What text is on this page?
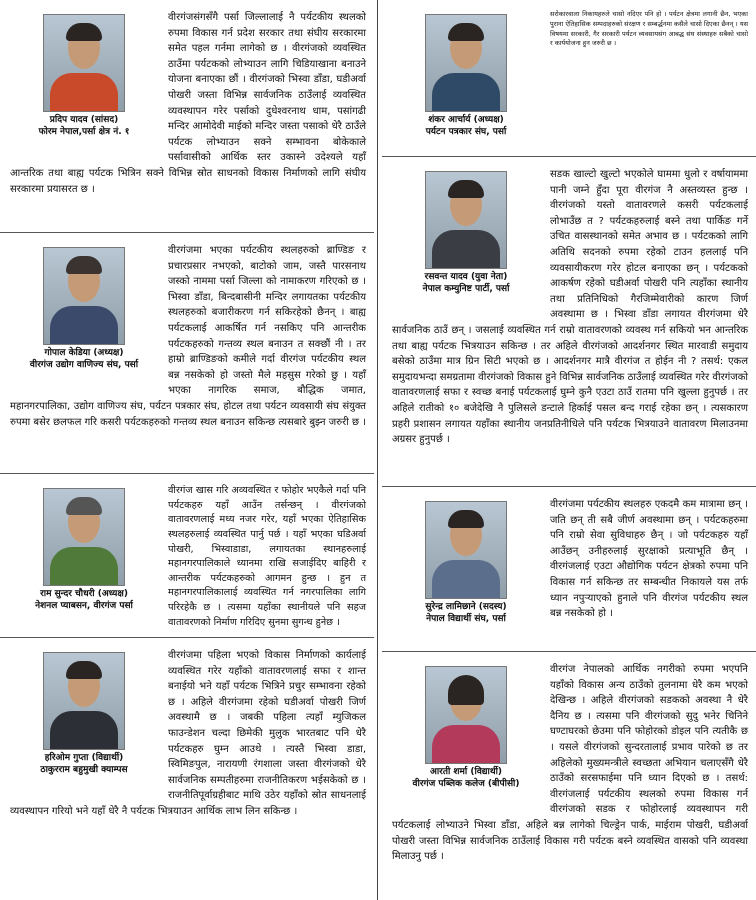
प्रदिप यादव (सांसद)
फोरम नेपाल,पर्सा क्षेत्र नं. १

वीरगंजसंगसँगै पर्सा जिल्लालाई नै पर्यटकीय स्थलको रुपमा विकास गर्न प्रदेश सरकार तथा संघीय सरकारमा समेत पहल गर्नमा लागेको छ । वीरगंजको व्यवस्थित ठाउँमा पर्यटकको लोभ्याउन लागि चिडियाखाना बनाउने योजना बनाएका छौं । वीरगंजको भिस्वा डाँडा, घडीअर्वा पोखरी जस्ता विभिन्न सार्वजनिक ठाउँलाई व्यवस्थित व्यवस्थापन गरेर पर्साको दुधेश्वरनाथ धाम, पसांगढी मन्दिर आमोदेवी माईको मन्दिर जस्ता पसाको धेरै ठाउँले पर्यटक लोभ्याउन सक्ने सम्भावना बोकेकाले पर्सावासीको आर्थिक स्तर उकास्ने उदेश्यले यहाँ आन्तरिक तथा बाह्य पर्यटक भित्रिन सक्ने विभिन्न स्रोत साधनको विकास निर्माणको लागि संघीय सरकारमा प्रयासरत छ ।

गोपाल केडिया (अध्यक्ष)
वीरगंज उद्योग वाणिज्य संघ, पर्सा

वीरगंजमा भएका पर्यटकीय स्थलहरुको ब्राण्डिङ र प्रचारप्रसार नभएको, बाटोको जाम, जस्तै पारसनाथ जस्को नाममा पर्सा जिल्ला को नामाकरण गरिएको छ । भिस्वा डाँडा, बिन्दबासीनी मन्दिर लगायतका पर्यटकीय स्थलहरुको बजारीकरण गर्न सकिरहेको छैनन् । बाह्य पर्यटकलाई आकर्षित गर्न नसकिए पनि आन्तरीक पर्यटकहरुको गन्तव्य स्थल बनाउन त सक्छौं नी । तर हाम्रो ब्राण्डिङको कमीले गर्दा वीरगंज पर्यटकीय स्थल बन्न नसकेको हो जस्तो मैले महसुस गरेको छु । यहाँ भएका नागरिक समाज, बौद्धिक जमात, महानगरपालिका, उद्योग वाणिज्य संघ, पर्यटन पत्रकार संघ, होटल तथा पर्यटन व्यवसायी संघ संयुक्त रुपमा बसेर छलफल गरि कसरी पर्यटकहरुको गन्तव्य स्थल बनाउन सकिन्छ त्यसबारे बुझ्न जरुरी छ ।

राम सुन्दर चौधरी (अध्यक्ष)
नेशनल प्याबसन, वीरगंज पर्सा

वीरगंज खास गरि अव्यवस्थित र फोहोर भएकैले गर्दा पनि पर्यटकहरु यहाँ आउँन तर्सन्छन् । वीरगंजको वातावरणलाई मध्य नजर गरेर, यहाँ भएका ऐतिहासिक स्थलहरुलाई व्यवस्थित पार्नु पर्छ । यहाँ भएका घडिअर्वा पोखरी, भिस्वाडाडा, लगायतका स्थानहरुलाई महानगरपालिकाले ध्यानमा राखि सजाईदिए बाहिरी र आन्तरीक पर्यटकहरुको आगमन हुन्छ । हुन त महानगरपालिकालाई व्यवस्थित गर्न नगरपालिका लागि परिरहेकै छ । त्यसमा यहाँका स्थानीयले पनि सहज वातावरणको निर्माण गरिदिए सुनमा सुगन्ध हुनेछ ।

हरिओम गुप्ता (विद्यार्थी)
ठाकुरराम बहुमुखी क्याम्पस

वीरगंजमा पहिला भएको विकास निर्माणको कार्यलाई व्यवस्थित गरेर यहाँको वातावरणलाई सफा र शान्त बनाईयो भने यहाँ पर्यटक भित्रिने प्रचुर सम्भावना रहेको छ । अहिले वीरगंजमा रहेको घडीअर्वा पोखरी जिर्ण अवस्थामै छ । जबकी पहिला त्यहाँ म्युजिकल फाउन्डेशन चल्दा छिमेकी मुलुक भारतबाट पनि धेरै पर्यटकहरु घुम्न आउथे । त्यस्तै भिस्वा डाडा, स्विमिङपुल, नारायणी रंगशाला जस्ता वीरगंजको धेरै सार्वजनिक सम्पतीहरुमा राजनीतिकरण भईसकेको छ । राजनीतिपूर्वाग्रहीबाट माथि उठेर यहाँको स्रोत साधनलाई व्यवस्थापन गरियो भने यहाँ धेरै नै पर्यटक भित्रयाउन आर्थिक लाभ लिन सकिन्छ ।

शंकर आर्चार्य (अध्यक्ष)
पर्यटन पत्रकार संघ, पर्सा

सरोकारवाला निकायहरुले चासो नदिएर पनि हो । पर्यटन क्षेत्रमा लगानी छैन, भएका पुराना ऐतिहासिक सम्पदाहरुको संरक्षण र सम्बर्द्धनमा कसैले चासो दिएका छैनन् । यस विषयमा सरकारी, गैर सरकारी पर्यटन व्यवसायसंग आबद्ध संघ संस्थाहरु सबैको चासो र कार्ययोजना हुन जरुरी छ ।

रसवन्त यादव (युवा नेता)
नेपाल कम्युनिष्ट पार्टी, पर्सा

सडक खाल्टो खुल्टो भएकोले घाममा धुलो र वर्षायाममा पानी जम्ने हुँदा पूरा वीरगंज नै अस्तव्यस्त हुन्छ । वीरगंजको यस्तो वातावरणले कसरी पर्यटकलाई लोभाउँछ त ? पर्यटकहरुलाई बस्ने तथा पार्किङ गर्ने उचित वासस्थानको समेत अभाव छ । पर्यटकको लागि अतिथि सदनको रुपमा रहेको टाउन हललाई पनि व्यवसायीकरण गरेर होटल बनाएका छन् । पर्यटकको आकर्षण रहेको घडीअर्वा पोखरी पनि त्यहाँका स्थानीय तथा प्रतिनिधिको गैरजिम्मेवारीको कारण जिर्ण अवस्थामा छ । भिस्वा डाँडा लगायत वीरगंजमा धेरै सार्वजनिक ठाउँ छन् । जसलाई व्यवस्थित गर्न राम्रो वातावरणको व्यवस्थ गर्न सकियो भन आन्तरिक तथा बाह्य पर्यटक भित्रयाउन सकिन्छ । तर अहिले वीरगंजको आदर्शनगर स्थित मारवाडी समुदाय बसेको ठाउँमा मात्र ग्रिन सिटी भएको छ । आदर्शनगर मात्रै वीरगंज त होईन नी ? तसर्थ: एकल समुदायभन्दा समग्रतामा वीरगंजको विकास हुने विभिन्न सार्वजनिक ठाउँलाई व्यवस्थित गरेर वीरगंजको वातावरणलाई सफा र स्वच्छ बनाई पर्यटकलाई घुम्ने कुनै एउटा ठाउँ रातमा पनि खुल्ला हुनुपर्छ । तर अहिले रातीको १० बजेदेखि नै पुलिसले डन्टाले हिर्काई पसल बन्द गराई रहेका छन् । त्यसकारण प्रहरी प्रशासन लगायत यहाँका स्थानीय जनप्रतिनीधिले पनि पर्यटक भित्रयाउने वातावरण मिलाउनमा अग्रसर हुनुपर्छ ।

सुरेन्द्र लामिछाने (सदस्य)
नेपाल विद्यार्थी संघ, पर्सा

वीरगंजमा पर्यटकीय स्थलहरु एकदमै कम मात्रामा छन् । जति छन् ती सबै जीर्ण अवस्थामा छन् । पर्यटकहरुमा पनि राम्रो सेवा सुविधाहरु छैन् । जो पर्यटकहरु यहाँ आउँछन् उनीहरुलाई सुरक्षाको प्रत्याभूति छैन् । वीरगंजलाई एउटा औद्योगिक पर्यटन क्षेत्रको रुपमा पनि विकास गर्न सकिन्छ तर सम्बन्धीत निकायले यस तर्फ ध्यान नपुऱ्याएको हुनाले पनि वीरगंज पर्यटकीय स्थल बन्न नसकेको हो ।

आरती शर्मा (विद्यार्थी)
वीरगंज पब्लिक कलेज (बीपीसी)

वीरगंज नेपालको आर्थिक नगरीको रुपमा भएपनि यहाँको विकास अन्य ठाउँको तुलनामा धेरै कम भएको देखिन्छ । अहिले वीरगंजको सडकको अवस्था नै धेरै दैनिय छ । त्यसमा पनि वीरगंजको सुदु भनेर चिनिने घण्टाघरको छेउमा पनि फोहोरको डोइल पनि त्यतीकै छ । यसले वीरगंजको सुन्दरतालाई प्रभाव पारेको छ तर अहिलेको मुख्यमन्त्रीले स्वच्छता अभियान चलाएसँगै धेरै ठाउँको सरसफाईमा पनि ध्यान दिएको छ । तसर्थ: वीरगंजलाई पर्यटकीय स्थलको रुपमा विकास गर्न वीरगंजको सडक र फोहोरलाई व्यवस्थापन गरी पर्यटकलाई लोभ्याउने भिस्वा डाँडा, अहिले बन्न लागेको चिल्ड्रेन पार्क, माईराम पोखरी, घडीअर्वा पोखरी जस्ता विभिन्न सार्वजनिक ठाउँलाई विकास गरी पर्यटक बस्ने व्यवस्थित वासको पनि व्यवस्था मिलाउनु पर्छ ।
